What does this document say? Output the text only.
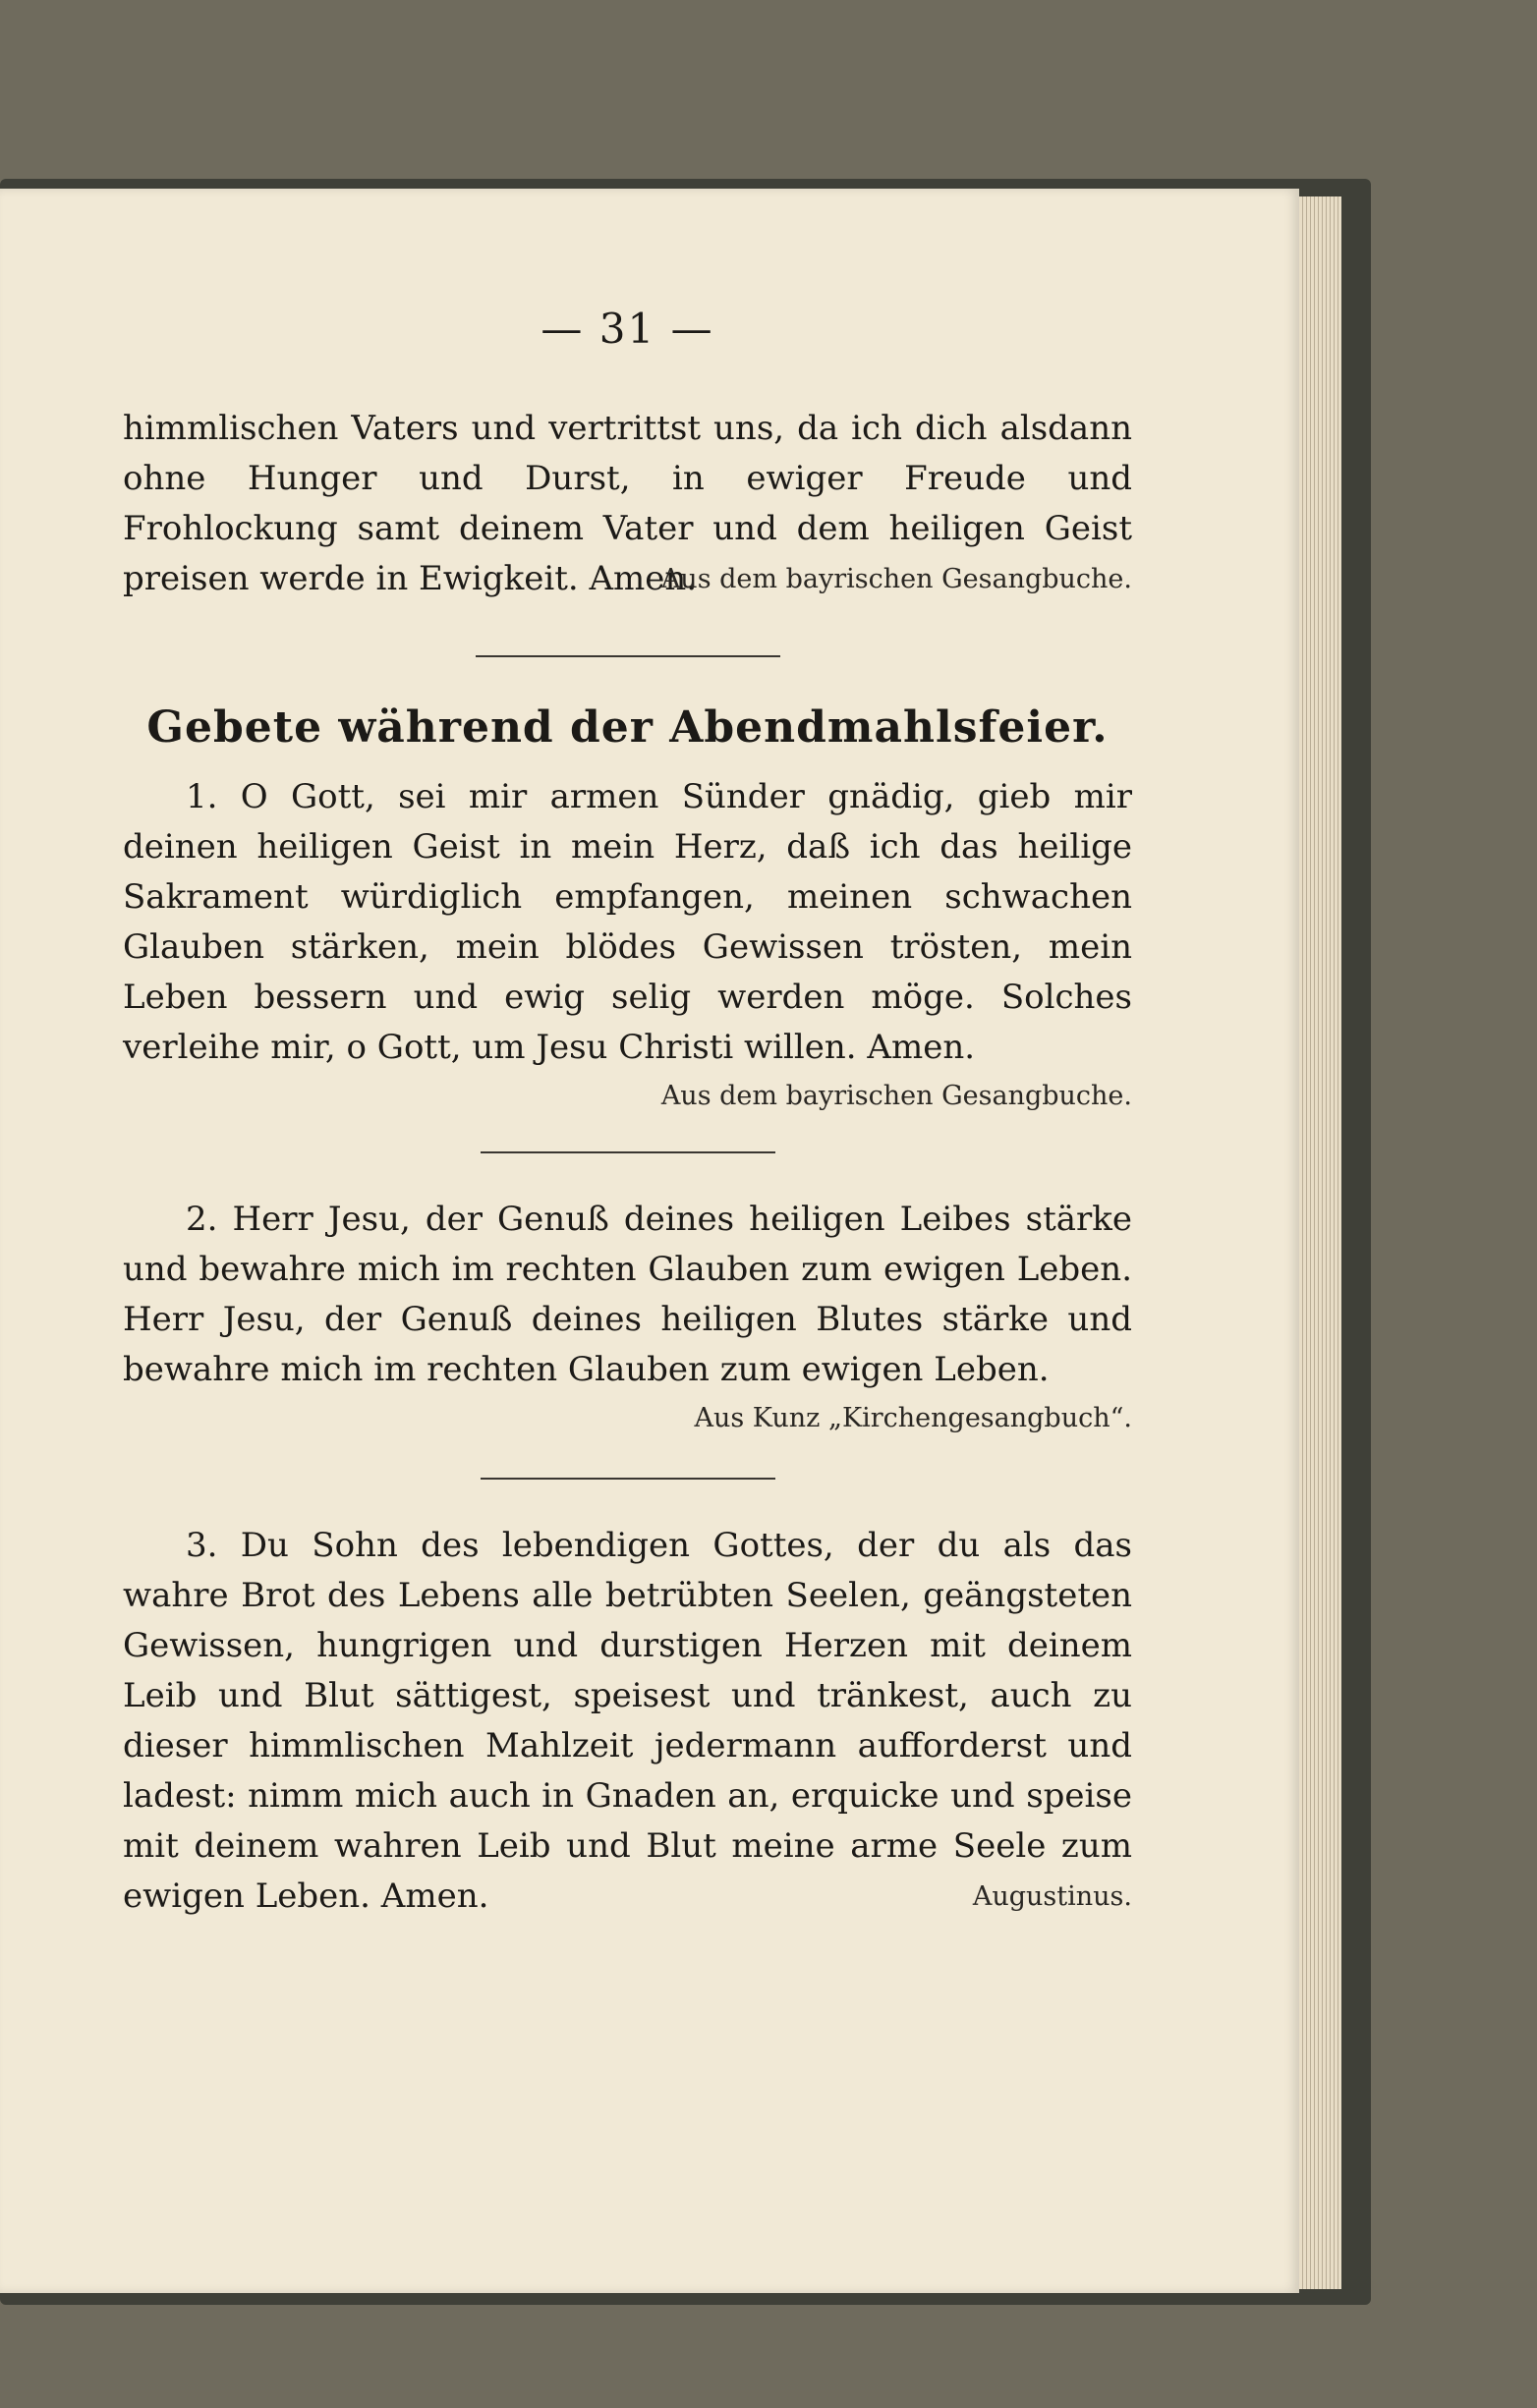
— 31 —

himmlischen Vaters und vertrittst uns, da ich dich alsdann ohne Hunger und Durst, in ewiger Freude und Frohlockung samt deinem Vater und dem heiligen Geist preisen werde in Ewigkeit. Amen.

Aus dem bayrischen Gesangbuche.
Gebete während der Abendmahlsfeier.

1. O Gott, sei mir armen Sünder gnädig, gieb mir deinen heiligen Geist in mein Herz, daß ich das heilige Sakrament würdiglich empfangen, meinen schwachen Glauben stärken, mein blödes Gewissen trösten, mein Leben bessern und ewig selig werden möge. Solches verleihe mir, o Gott, um Jesu Christi willen. Amen.

Aus dem bayrischen Gesangbuche.

2. Herr Jesu, der Genuß deines heiligen Leibes stärke und bewahre mich im rechten Glauben zum ewigen Leben. Herr Jesu, der Genuß deines heiligen Blutes stärke und bewahre mich im rechten Glauben zum ewigen Leben.

Aus Kunz „Kirchengesangbuch“.

3. Du Sohn des lebendigen Gottes, der du als das wahre Brot des Lebens alle betrübten Seelen, geängsteten Gewissen, hungrigen und durstigen Herzen mit deinem Leib und Blut sättigest, speisest und tränkest, auch zu dieser himmlischen Mahlzeit jedermann aufforderst und ladest: nimm mich auch in Gnaden an, erquicke und speise mit deinem wahren Leib und Blut meine arme Seele zum ewigen Leben. Amen.	Augustinus.
